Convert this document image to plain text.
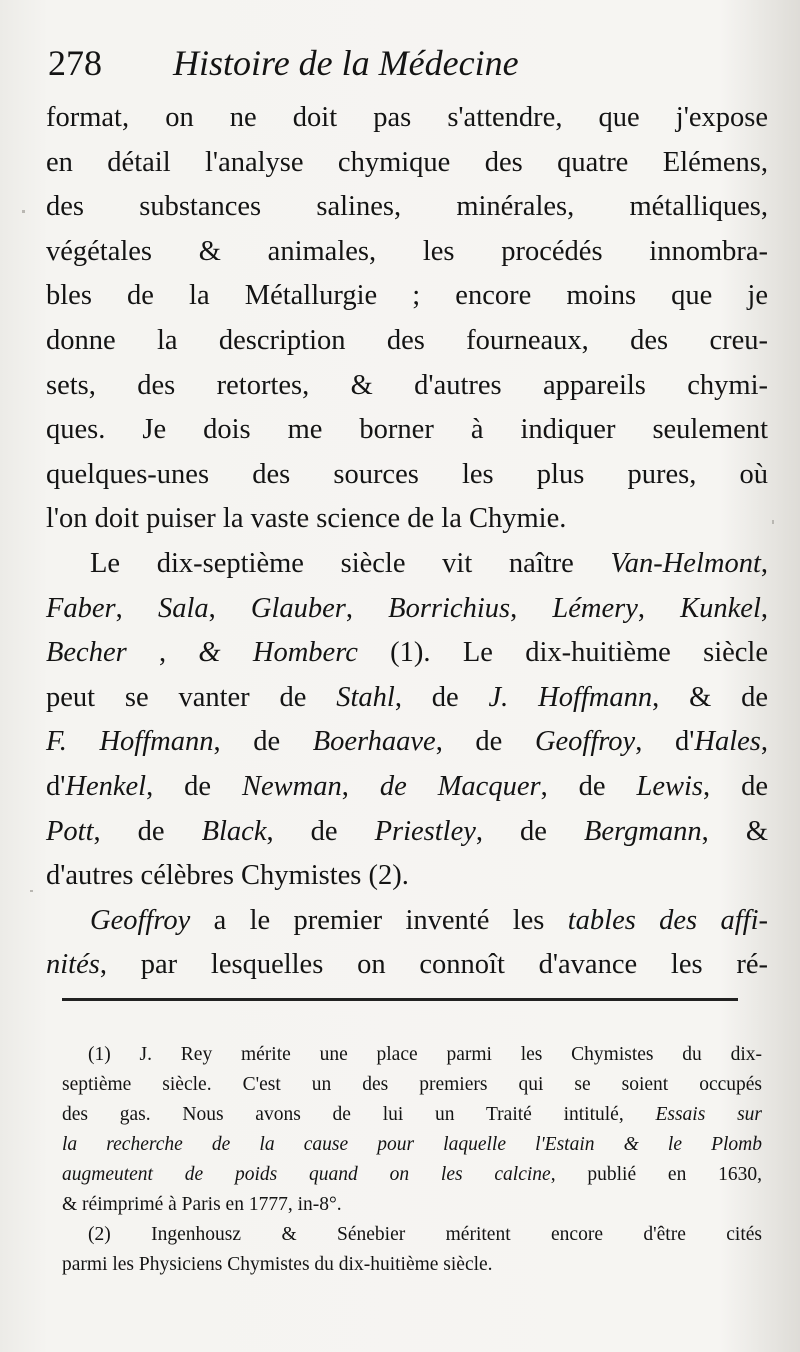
278 Histoire de la Médecine
format, on ne doit pas s'attendre, que j'expose
en détail l'analyse chymique des quatre Elémens,
des substances salines, minérales, métalliques,
végétales & animales, les procédés innombra-
bles de la Métallurgie ; encore moins que je
donne la description des fourneaux, des creu-
sets, des retortes, & d'autres appareils chymi-
ques. Je dois me borner à indiquer seulement
quelques-unes des sources les plus pures, où
l'on doit puiser la vaste science de la Chymie.
Le dix-septième siècle vit naître Van-Helmont,
Faber, Sala, Glauber, Borrichius, Lémery, Kunkel,
Becher , & Homberc (1). Le dix-huitième siècle
peut se vanter de Stahl, de J. Hoffmann, & de
F. Hoffmann, de Boerhaave, de Geoffroy, d'Hales,
d'Henkel, de Newman, de Macquer, de Lewis, de
Pott, de Black, de Priestley, de Bergmann, &
d'autres célèbres Chymistes (2).
Geoffroy a le premier inventé les tables des affi-
nités, par lesquelles on connoît d'avance les ré-
(1) J. Rey mérite une place parmi les Chymistes du dix-
septième siècle. C'est un des premiers qui se soient occupés
des gas. Nous avons de lui un Traité intitulé, Essais sur
la recherche de la cause pour laquelle l'Estain & le Plomb
augmeutent de poids quand on les calcine, publié en 1630,
& réimprimé à Paris en 1777, in-8°.
(2) Ingenhousz & Sénebier méritent encore d'être cités
parmi les Physiciens Chymistes du dix-huitième siècle.
